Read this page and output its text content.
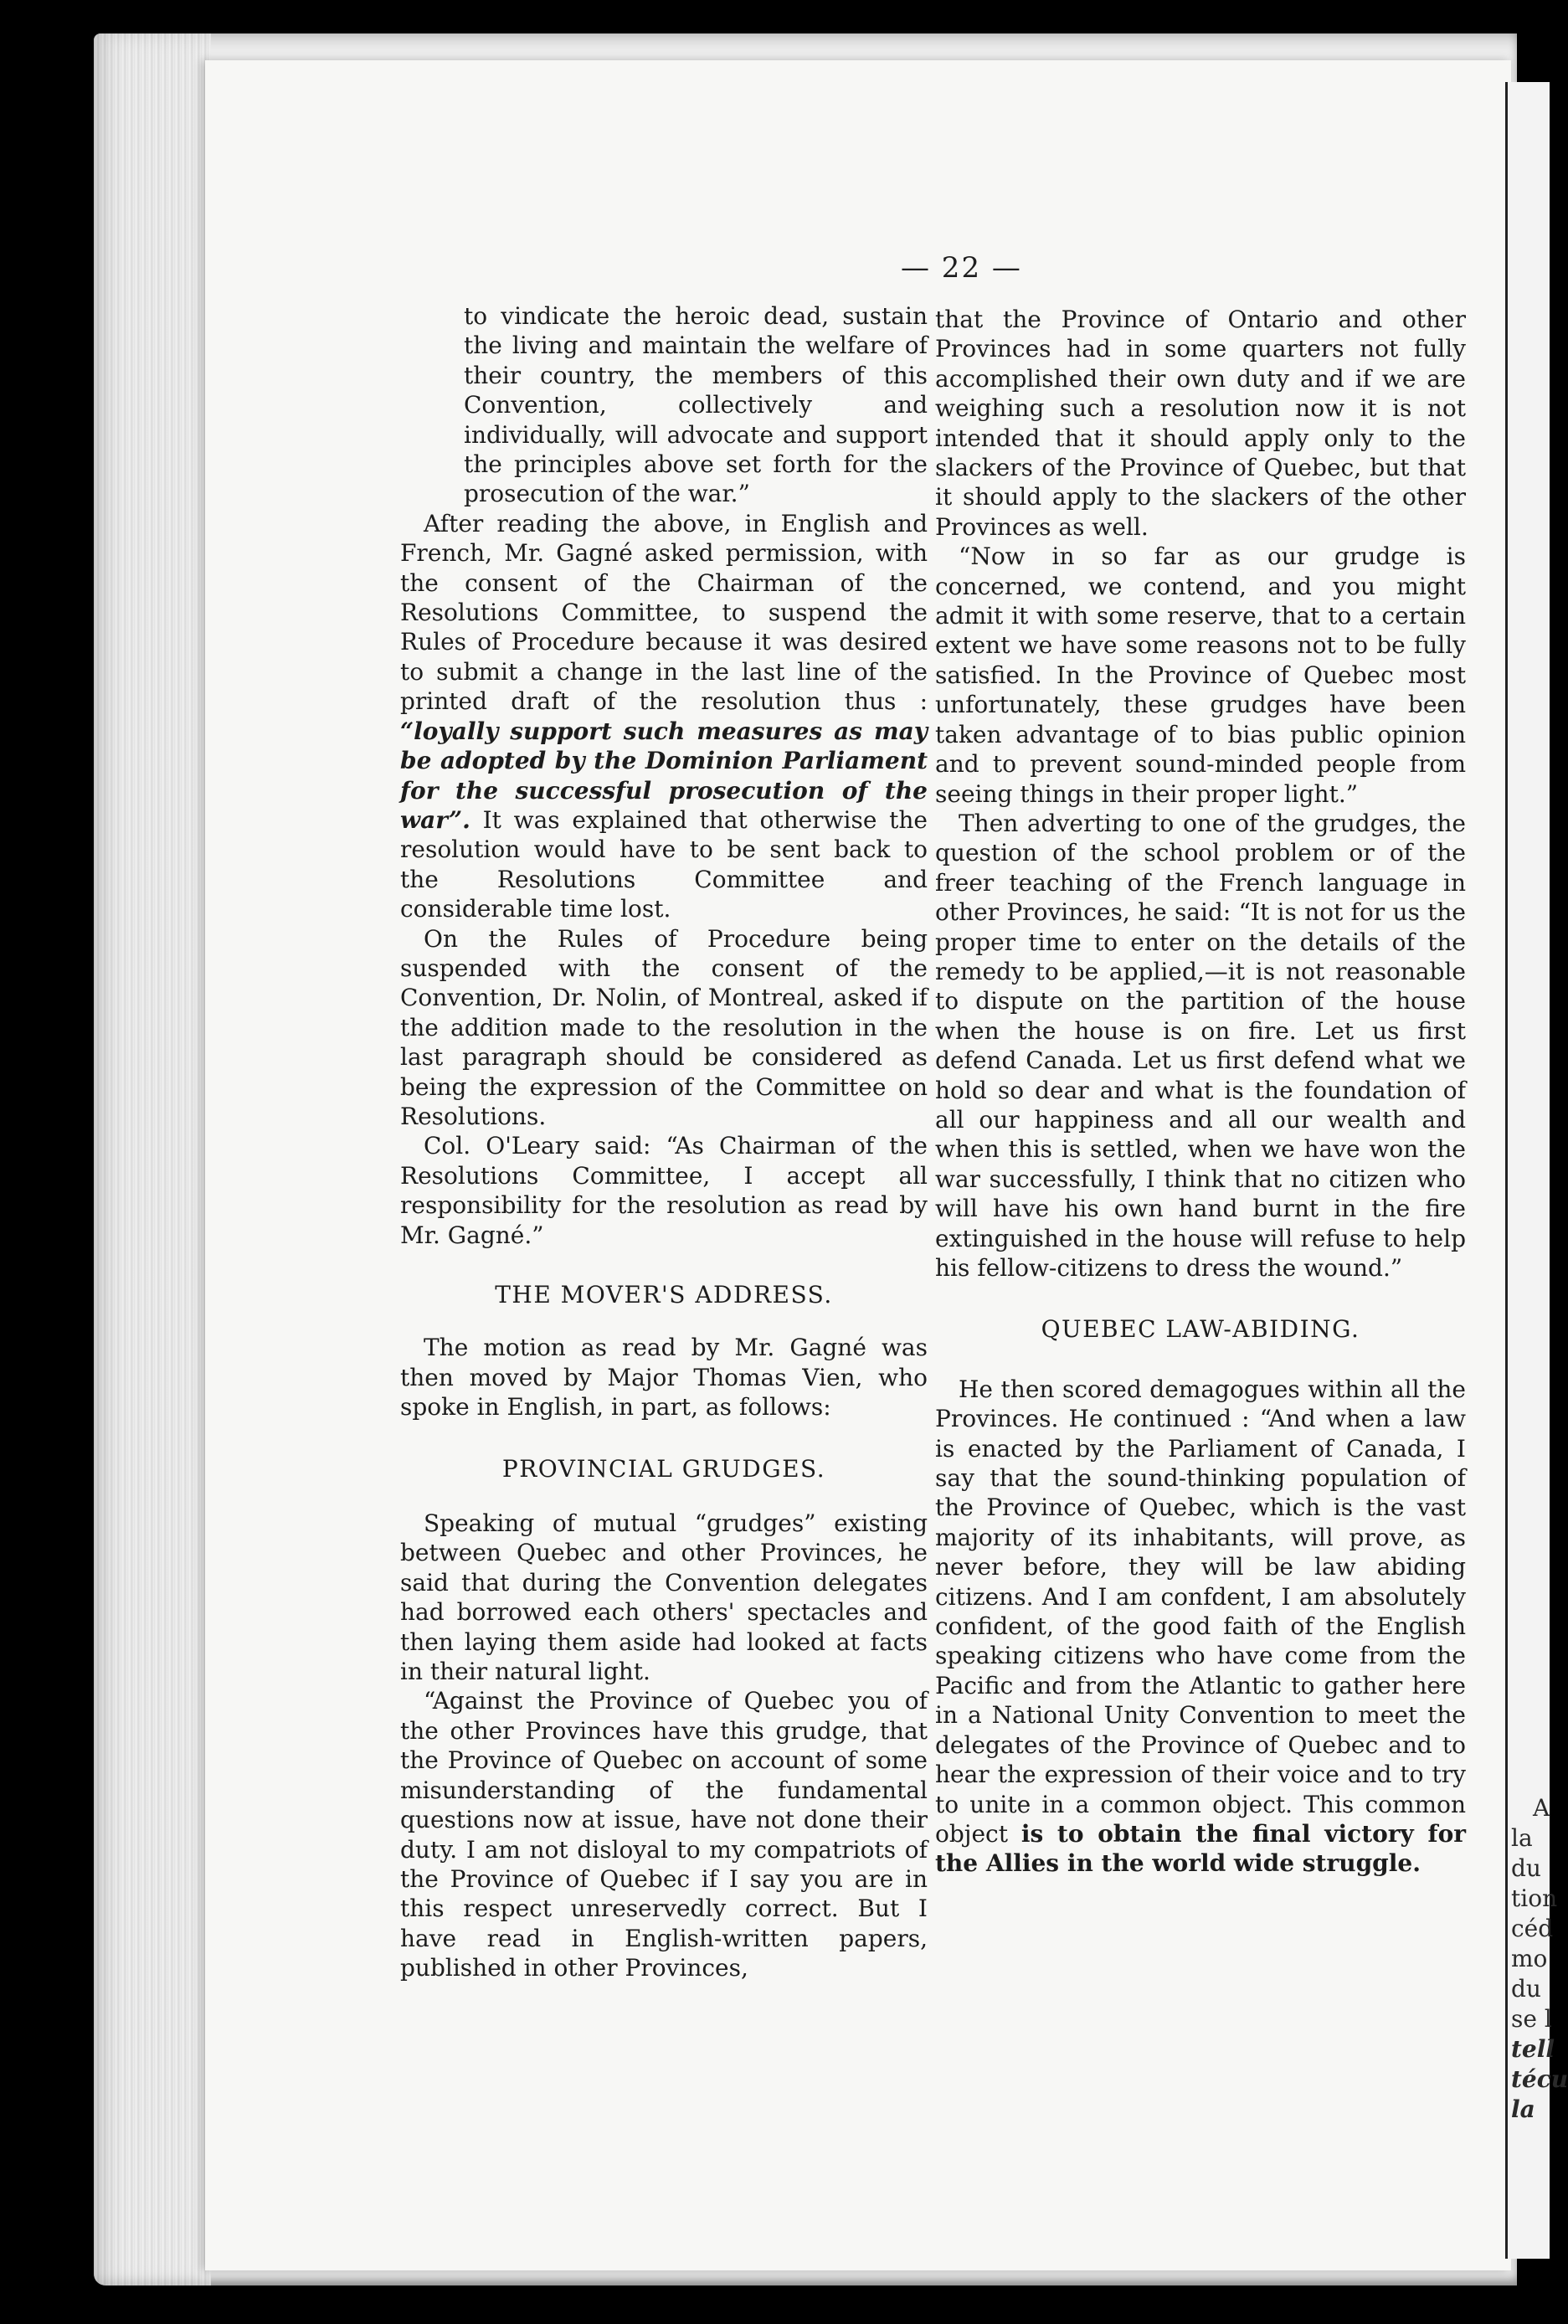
A
la
du
tion
céd
mo
du
se l
tell
técu
la
— 22 —

to vindicate the heroic dead, sustain the living and maintain the welfare of their country, the members of this Convention, collectively and individually, will advocate and support the principles above set forth for the prosecution of the war.”

After reading the above, in English and French, Mr. Gagné asked permission, with the consent of the Chairman of the Resolutions Committee, to suspend the Rules of Procedure because it was desired to submit a change in the last line of the printed draft of the resolution thus : “loyally support such measures as may be adopted by the Dominion Parliament for the successful prosecution of the war”. It was explained that otherwise the resolution would have to be sent back to the Resolutions Committee and considerable time lost.

On the Rules of Procedure being suspended with the consent of the Convention, Dr. Nolin, of Montreal, asked if the addition made to the resolution in the last paragraph should be considered as being the expression of the Committee on Resolutions.

Col. O'Leary said: “As Chairman of the Resolutions Committee, I accept all responsibility for the resolution as read by Mr. Gagné.”

THE MOVER'S ADDRESS.

The motion as read by Mr. Gagné was then moved by Major Thomas Vien, who spoke in English, in part, as follows:

PROVINCIAL GRUDGES.

Speaking of mutual “grudges” existing between Quebec and other Provinces, he said that during the Convention delegates had borrowed each others' spectacles and then laying them aside had looked at facts in their natural light.

“Against the Province of Quebec you of the other Provinces have this grudge, that the Province of Quebec on account of some misunderstanding of the fundamental questions now at issue, have not done their duty. I am not disloyal to my compatriots of the Province of Quebec if I say you are in this respect unreservedly correct. But I have read in English-written papers, published in other Provinces,

that the Province of Ontario and other Provinces had in some quarters not fully accomplished their own duty and if we are weighing such a resolution now it is not intended that it should apply only to the slackers of the Province of Quebec, but that it should apply to the slackers of the other Provinces as well.

“Now in so far as our grudge is concerned, we contend, and you might admit it with some reserve, that to a certain extent we have some reasons not to be fully satisfied. In the Province of Quebec most unfortunately, these grudges have been taken advantage of to bias public opinion and to prevent sound-minded people from seeing things in their proper light.”

Then adverting to one of the grudges, the question of the school problem or of the freer teaching of the French language in other Provinces, he said: “It is not for us the proper time to enter on the details of the remedy to be applied,—it is not reasonable to dispute on the partition of the house when the house is on fire. Let us first defend Canada. Let us first defend what we hold so dear and what is the foundation of all our happiness and all our wealth and when this is settled, when we have won the war successfully, I think that no citizen who will have his own hand burnt in the fire extinguished in the house will refuse to help his fellow-citizens to dress the wound.”

QUEBEC LAW-ABIDING.

He then scored demagogues within all the Provinces. He continued : “And when a law is enacted by the Parliament of Canada, I say that the sound-thinking population of the Province of Quebec, which is the vast majority of its inhabitants, will prove, as never before, they will be law abiding citizens. And I am confdent, I am absolutely confident, of the good faith of the English speaking citizens who have come from the Pacific and from the Atlantic to gather here in a National Unity Convention to meet the delegates of the Province of Quebec and to hear the expression of their voice and to try to unite in a common object. This common object is to obtain the final victory for the Allies in the world wide struggle.
